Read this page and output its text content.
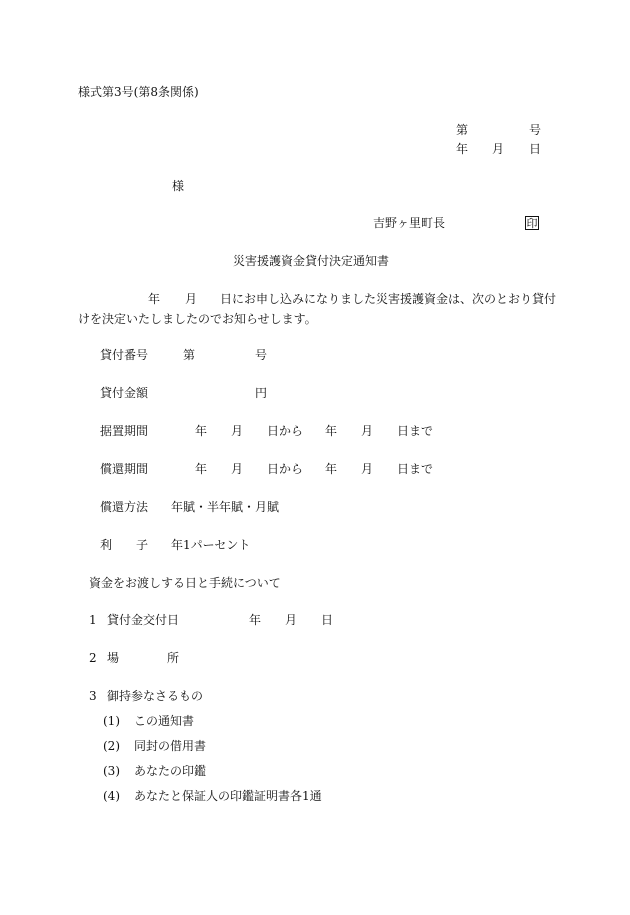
様式第3号(第8条関係)
第	号
年 月 日
様
吉野ヶ里町長	印
災害援護資金貸付決定通知書
年 月 日にお申し込みになりました災害援護資金は、次のとおり貸付
けを決定いたしましたのでお知らせします。
貸付番号	第	号
貸付金額	円
据置期間	年 月 日から 年 月 日まで
償還期間	年 月 日から 年 月 日まで
償還方法 年賦・半年賦・月賦
利 子 年1パーセント
資金をお渡しする日と手続について
1 貸付金交付日	年 月 日
2 場	所
3 御持参なさるもの
(1) この通知書
(2) 同封の借用書
(3) あなたの印鑑
(4) あなたと保証人の印鑑証明書各1通
